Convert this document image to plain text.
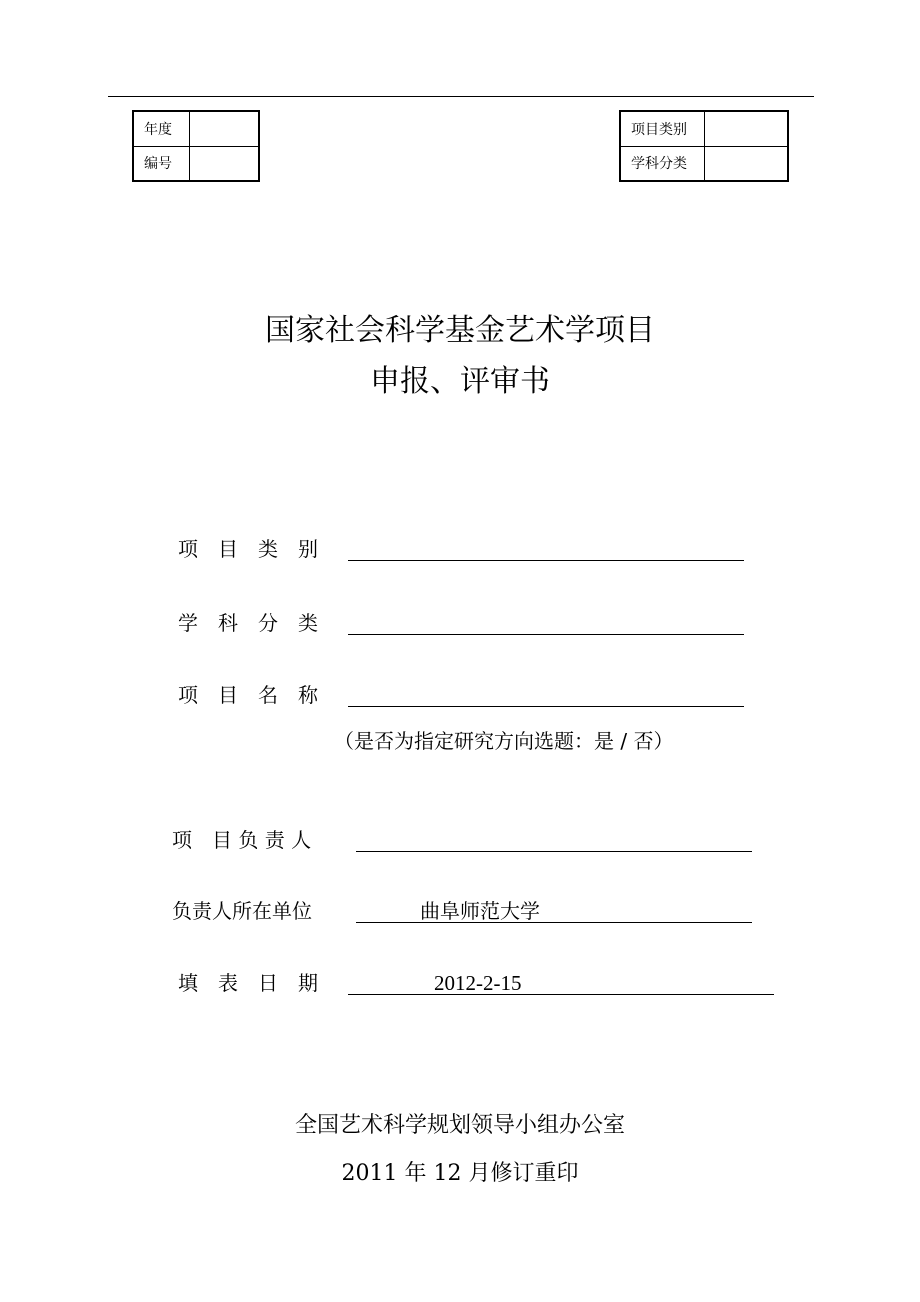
年度	
编号	
项目类别	
学科分类	
国家社会科学基金艺术学项目
申报、评审书
项　目　类　别
学　科　分　类
项　目　名　称
（是否为指定研究方向选题：是 / 否）
项　目 负 责 人
负责人所在单位	曲阜师范大学
填　表　日　期	2012-2-15
全国艺术科学规划领导小组办公室
2011 年 12 月修订重印
